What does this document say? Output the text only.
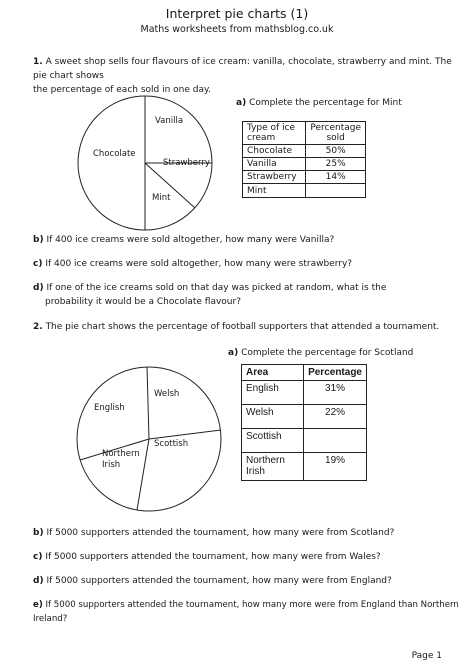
Interpret pie charts (1)
Maths worksheets from mathsblog.co.uk
1. A sweet shop sells four flavours of ice cream: vanilla, chocolate, strawberry and mint. The pie chart shows
the percentage of each sold in one day.
Vanilla
Chocolate
Strawberry
Mint
a) Complete the percentage for Mint
Type of ice cream	Percentage sold
Chocolate	50%
Vanilla	25%
Strawberry	14%
Mint	
b) If 400 ice creams were sold altogether, how many were Vanilla?
c) If 400 ice creams were sold altogether, how many were strawberry?
d) If one of the ice creams sold on that day was picked at random, what is the
probability it would be a Chocolate flavour?
2. The pie chart shows the percentage of football supporters that attended a tournament.
a) Complete the percentage for Scotland
Welsh
English
Scottish
Northern
Irish
Area	Percentage
English	31%
Welsh	22%
Scottish	
Northern Irish	19%
b) If 5000 supporters attended the tournament, how many were from Scotland?
c) If 5000 supporters attended the tournament, how many were from Wales?
d) If 5000 supporters attended the tournament, how many were from England?
e) If 5000 supporters attended the tournament, how many more were from England than Northern Ireland?
Page 1
